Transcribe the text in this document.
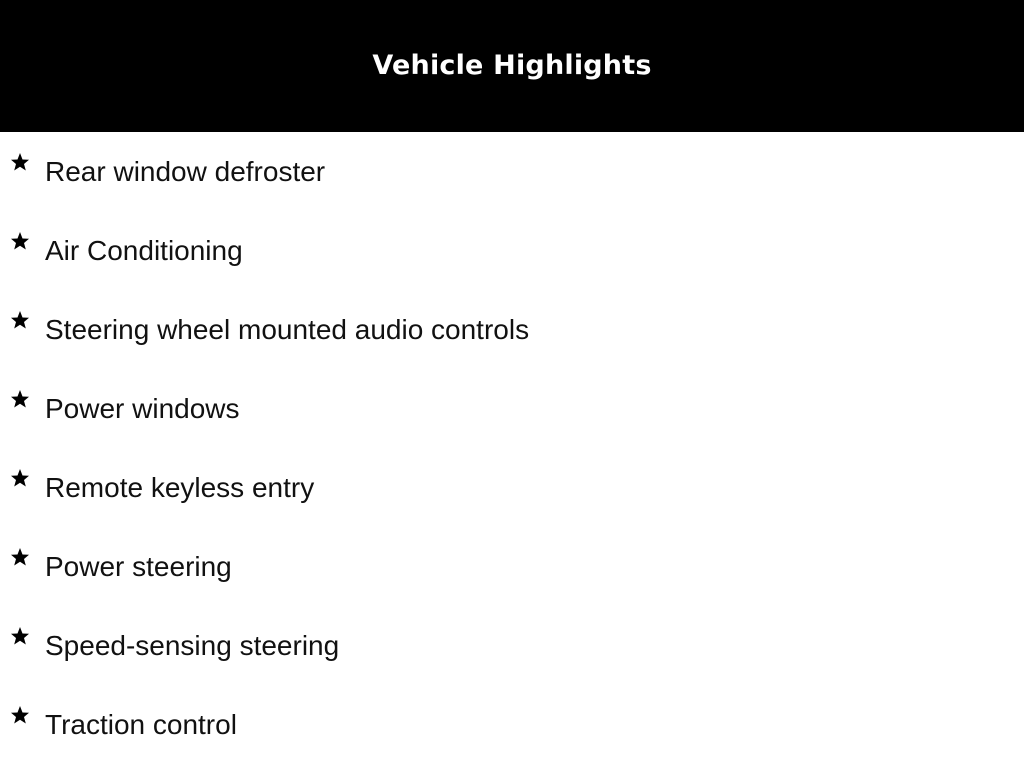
Vehicle Highlights
Rear window defroster
Air Conditioning
Steering wheel mounted audio controls
Power windows
Remote keyless entry
Power steering
Speed-sensing steering
Traction control
